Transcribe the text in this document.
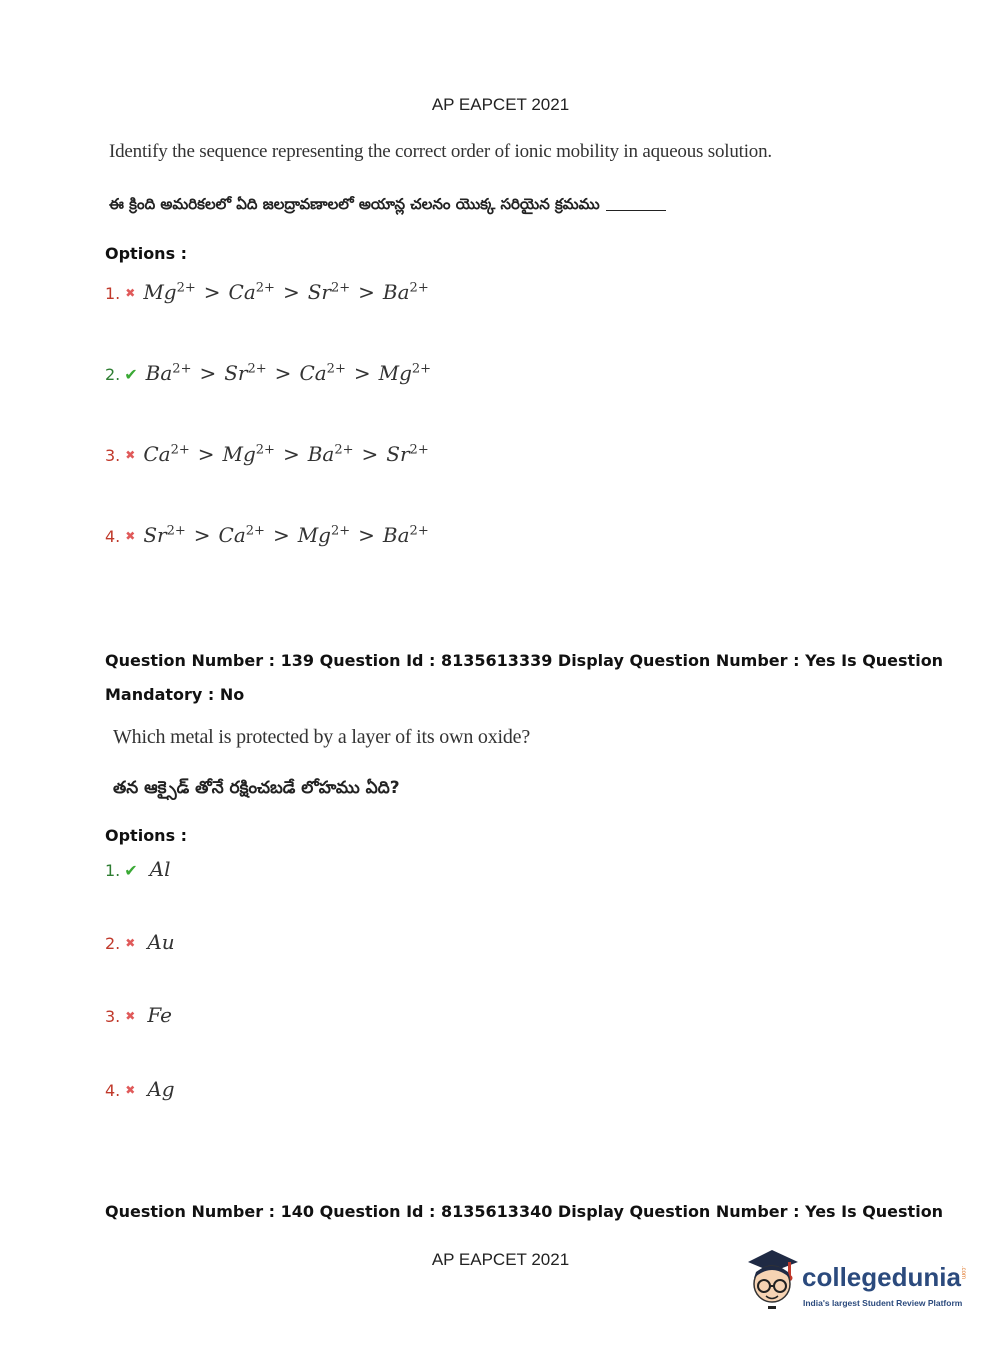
AP EAPCET 2021
Identify the sequence representing the correct order of ionic mobility in aqueous solution.
ఈ క్రింది అమరికలలో ఏది జలద్రావణాలలో అయాన్ల చలనం యొక్క సరియైన క్రమము
Options :
1. ✖ $Mg^{2+} > Ca^{2+} > Sr^{2+} > Ba^{2+}$
2. ✔ $Ba^{2+} > Sr^{2+} > Ca^{2+} > Mg^{2+}$
3. ✖ $Ca^{2+} > Mg^{2+} > Ba^{2+} > Sr^{2+}$
4. ✖ $Sr^{2+} > Ca^{2+} > Mg^{2+} > Ba^{2+}$
Question Number : 139 Question Id : 8135613339 Display Question Number : Yes Is Question
Mandatory : No
Which metal is protected by a layer of its own oxide?
తన ఆక్సైడ్ తోనే రక్షించబడే లోహము ఏది?
Options :
1. ✔ Al
2. ✖ Au
3. ✖ Fe
4. ✖ Ag
Question Number : 140 Question Id : 8135613340 Display Question Number : Yes Is Question
AP EAPCET 2021
collegedunia .com
India's largest Student Review Platform
